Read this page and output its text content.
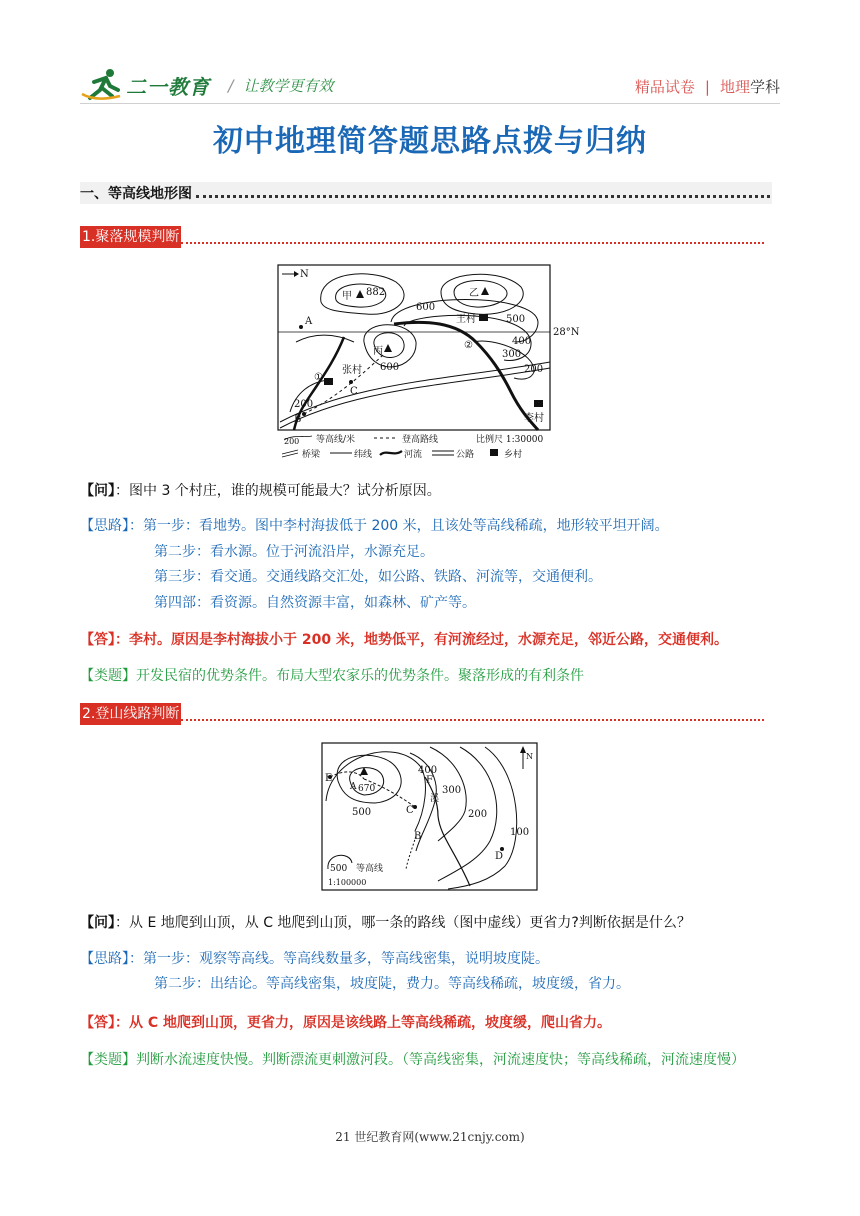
二一教育 / 让教学更有效	精品试卷 | 地理学科
初中地理简答题思路点拨与归纳
一、等高线地形图
1.聚落规模判断
N
28°N
甲 882	乙
丙
600
600
500
400
300
200
200
王村
张村
李村
A
B
C
①
②
200 等高线/米	登高路线	比例尺 1:30000
桥梁	纬线	河流	公路	乡村
【问】：图中 3 个村庄，谁的规模可能最大？试分析原因。
【思路】：第一步：看地势。图中李村海拔低于 200 米，且该处等高线稀疏，地形较平坦开阔。
第二步：看水源。位于河流沿岸，水源充足。
第三步：看交通。交通线路交汇处，如公路、铁路、河流等，交通便利。
第四部：看资源。自然资源丰富，如森林、矿产等。
【答】：李村。原因是李村海拔小于 200 米，地势低平，有河流经过，水源充足，邻近公路，交通便利。
【类题】开发民宿的优势条件。布局大型农家乐的优势条件。聚落形成的有利条件
2.登山线路判断
N
E
A 670
500
400
F
300
溪
200
100
C
B
D
500 等高线
1:100000
【问】：从 E 地爬到山顶，从 C 地爬到山顶，哪一条的路线（图中虚线）更省力?判断依据是什么？
【思路】：第一步：观察等高线。等高线数量多，等高线密集，说明坡度陡。
第二步：出结论。等高线密集，坡度陡，费力。等高线稀疏，坡度缓，省力。
【答】：从 C 地爬到山顶，更省力，原因是该线路上等高线稀疏，坡度缓，爬山省力。
【类题】判断水流速度快慢。判断漂流更刺激河段。（等高线密集，河流速度快；等高线稀疏，河流速度慢）
21 世纪教育网(www.21cnjy.com)
